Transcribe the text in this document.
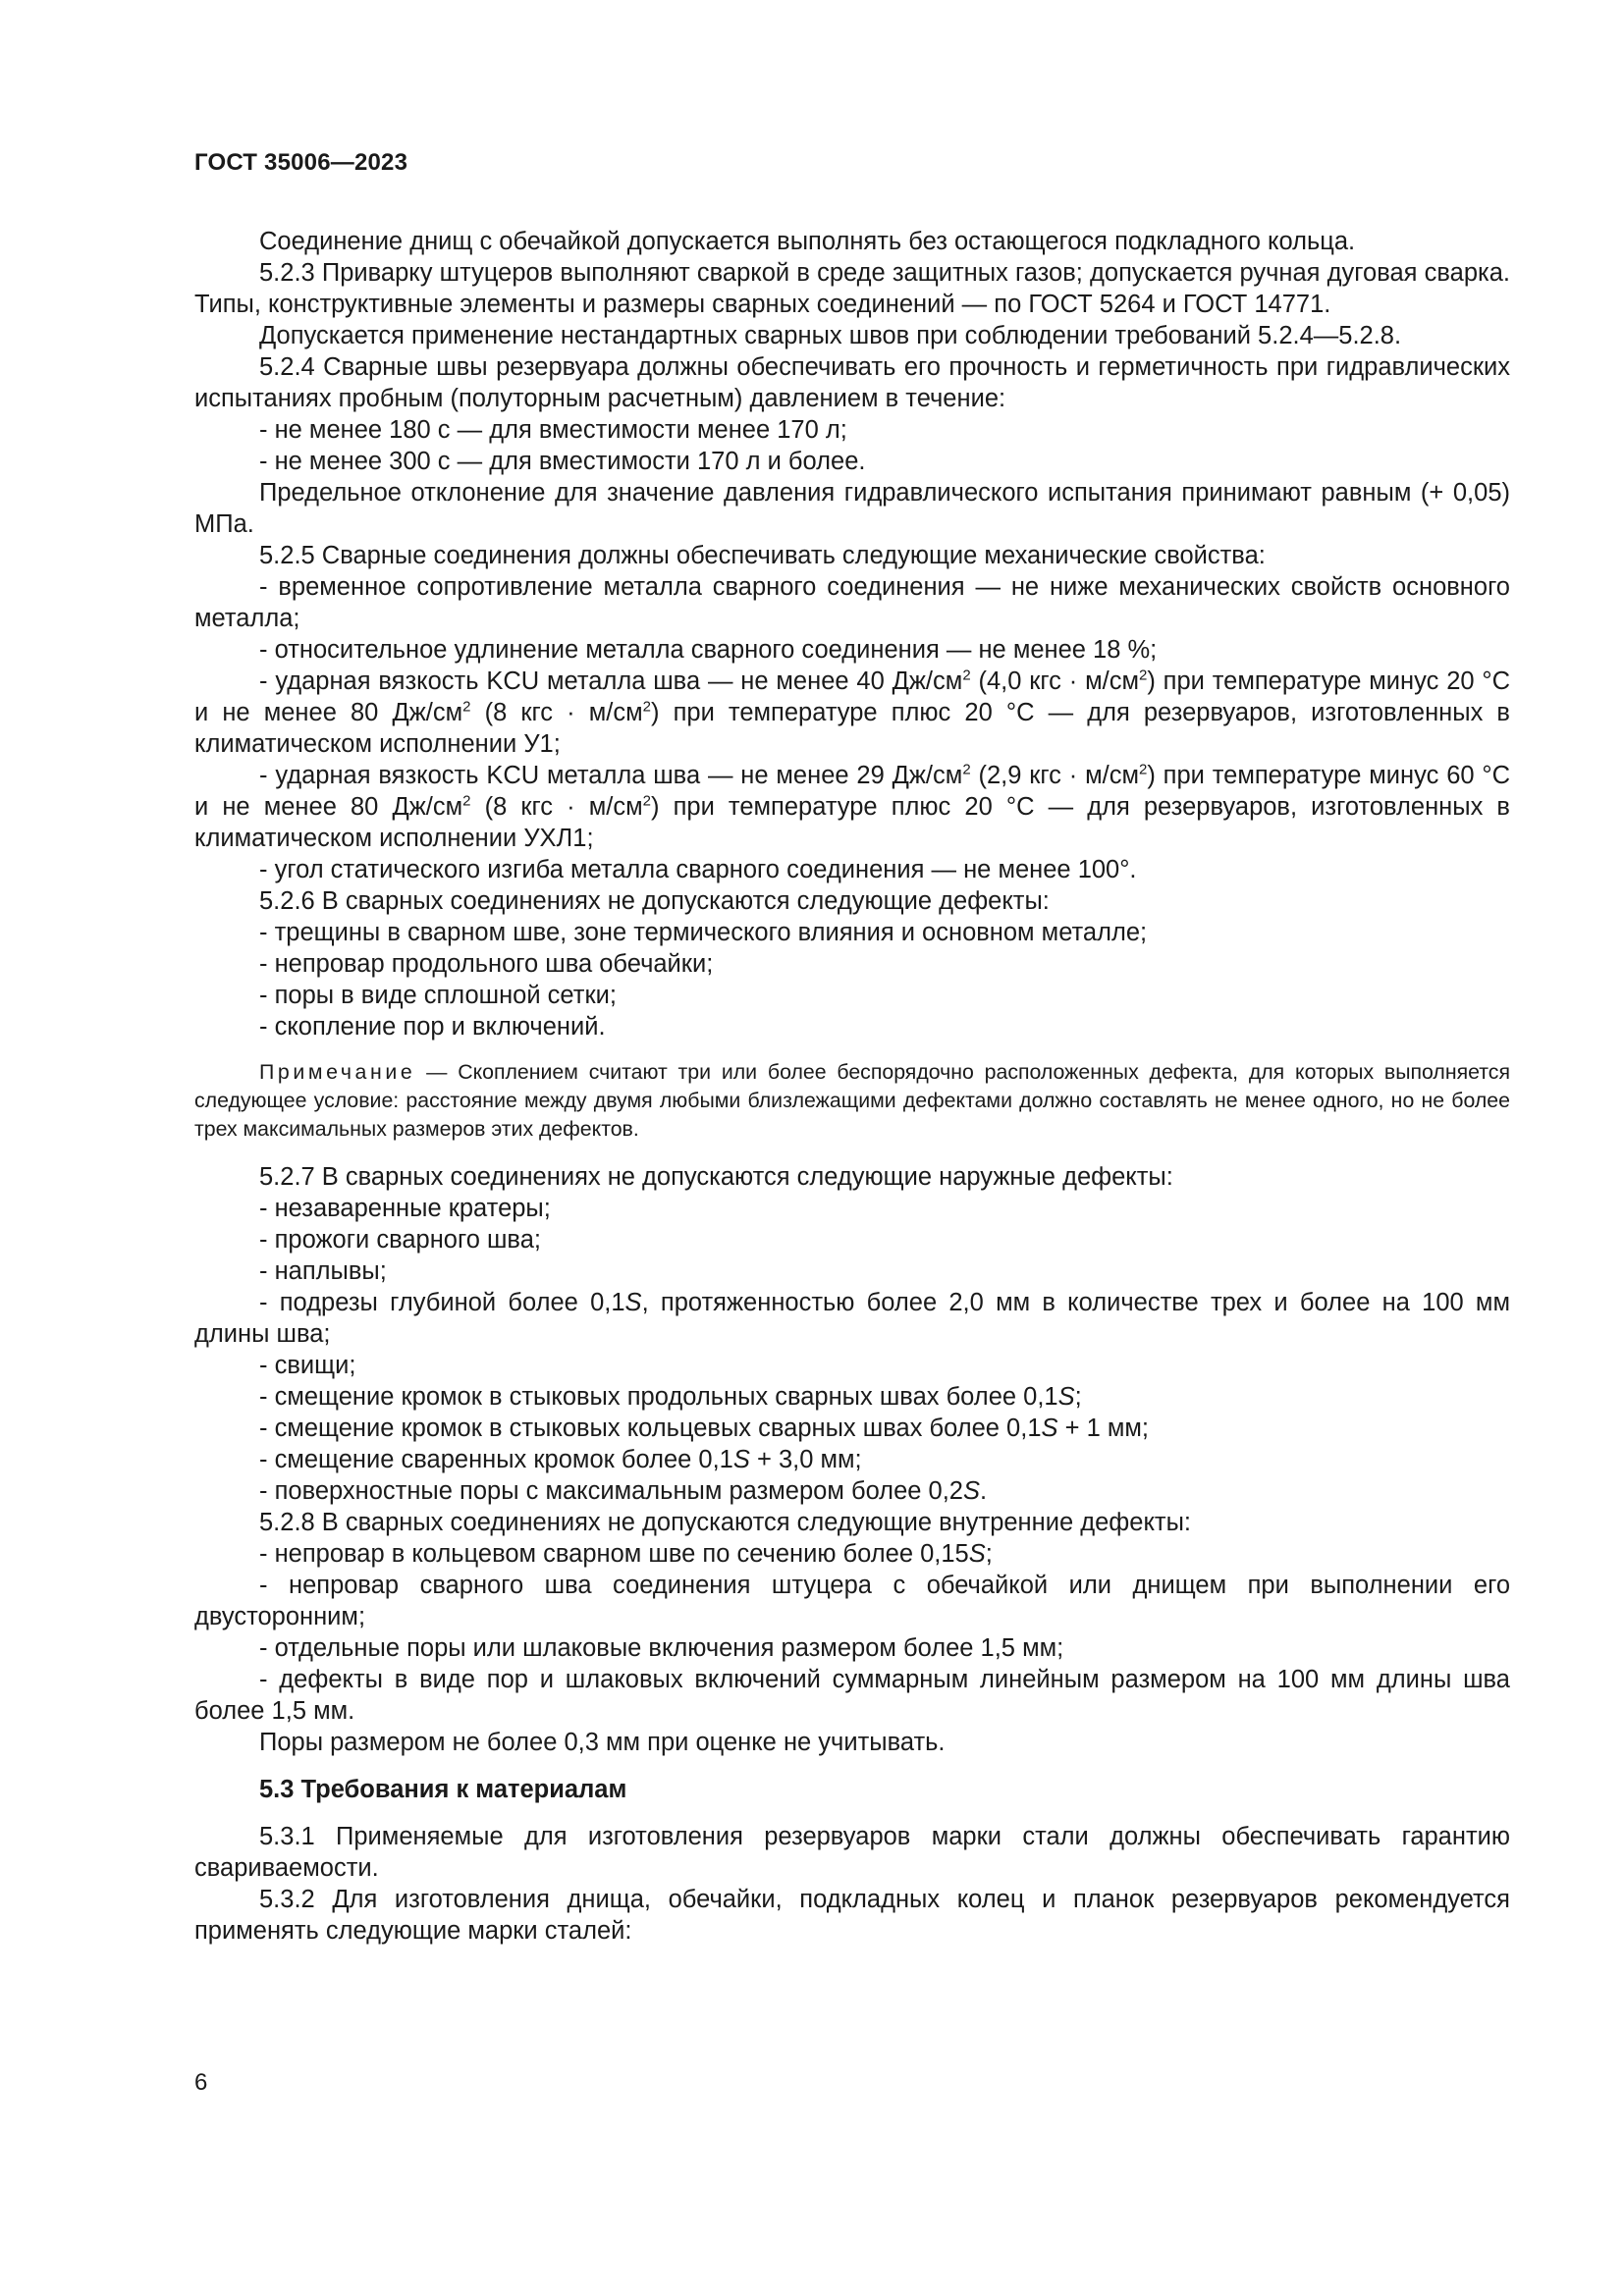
ГОСТ 35006—2023

Соединение днищ с обечайкой допускается выполнять без остающегося подкладного кольца.

5.2.3 Приварку штуцеров выполняют сваркой в среде защитных газов; допускается ручная дуговая сварка. Типы, конструктивные элементы и размеры сварных соединений — по ГОСТ 5264 и ГОСТ 14771.

Допускается применение нестандартных сварных швов при соблюдении требований 5.2.4—5.2.8.

5.2.4 Сварные швы резервуара должны обеспечивать его прочность и герметичность при гидравлических испытаниях пробным (полуторным расчетным) давлением в течение:

- не менее 180 с — для вместимости менее 170 л;

- не менее 300 с — для вместимости 170 л и более.

Предельное отклонение для значение давления гидравлического испытания принимают равным (+ 0,05) МПа.

5.2.5 Сварные соединения должны обеспечивать следующие механические свойства:

- временное сопротивление металла сварного соединения — не ниже механических свойств основного металла;

- относительное удлинение металла сварного соединения — не менее 18 %;

- ударная вязкость KCU металла шва — не менее 40 $Дж/см^2$ (4,0 кгс · $м/см^2$) при температуре минус 20 °С и не менее 80 $Дж/см^2$ (8 кгс · $м/см^2$) при температуре плюс 20 °С — для резервуаров, изготовленных в климатическом исполнении У1;

- ударная вязкость KCU металла шва — не менее 29 $Дж/см^2$ (2,9 кгс · $м/см^2$) при температуре минус 60 °С и не менее 80 $Дж/см^2$ (8 кгс · $м/см^2$) при температуре плюс 20 °С — для резервуаров, изготовленных в климатическом исполнении УХЛ1;

- угол статического изгиба металла сварного соединения — не менее 100°.

5.2.6 В сварных соединениях не допускаются следующие дефекты:

- трещины в сварном шве, зоне термического влияния и основном металле;

- непровар продольного шва обечайки;

- поры в виде сплошной сетки;

- скопление пор и включений.

Примечание — Скоплением считают три или более беспорядочно расположенных дефекта, для которых выполняется следующее условие: расстояние между двумя любыми близлежащими дефектами должно составлять не менее одного, но не более трех максимальных размеров этих дефектов.

5.2.7 В сварных соединениях не допускаются следующие наружные дефекты:

- незаваренные кратеры;

- прожоги сварного шва;

- наплывы;

- подрезы глубиной более 0,1S, протяженностью более 2,0 мм в количестве трех и более на 100 мм длины шва;

- свищи;

- смещение кромок в стыковых продольных сварных швах более 0,1S;

- смещение кромок в стыковых кольцевых сварных швах более 0,1S + 1 мм;

- смещение сваренных кромок более 0,1S + 3,0 мм;

- поверхностные поры с максимальным размером более 0,2S.

5.2.8 В сварных соединениях не допускаются следующие внутренние дефекты:

- непровар в кольцевом сварном шве по сечению более 0,15S;

- непровар сварного шва соединения штуцера с обечайкой или днищем при выполнении его двусторонним;

- отдельные поры или шлаковые включения размером более 1,5 мм;

- дефекты в виде пор и шлаковых включений суммарным линейным размером на 100 мм длины шва более 1,5 мм.

Поры размером не более 0,3 мм при оценке не учитывать.

5.3 Требования к материалам

5.3.1 Применяемые для изготовления резервуаров марки стали должны обеспечивать гарантию свариваемости.

5.3.2 Для изготовления днища, обечайки, подкладных колец и планок резервуаров рекомендуется применять следующие марки сталей:

6
